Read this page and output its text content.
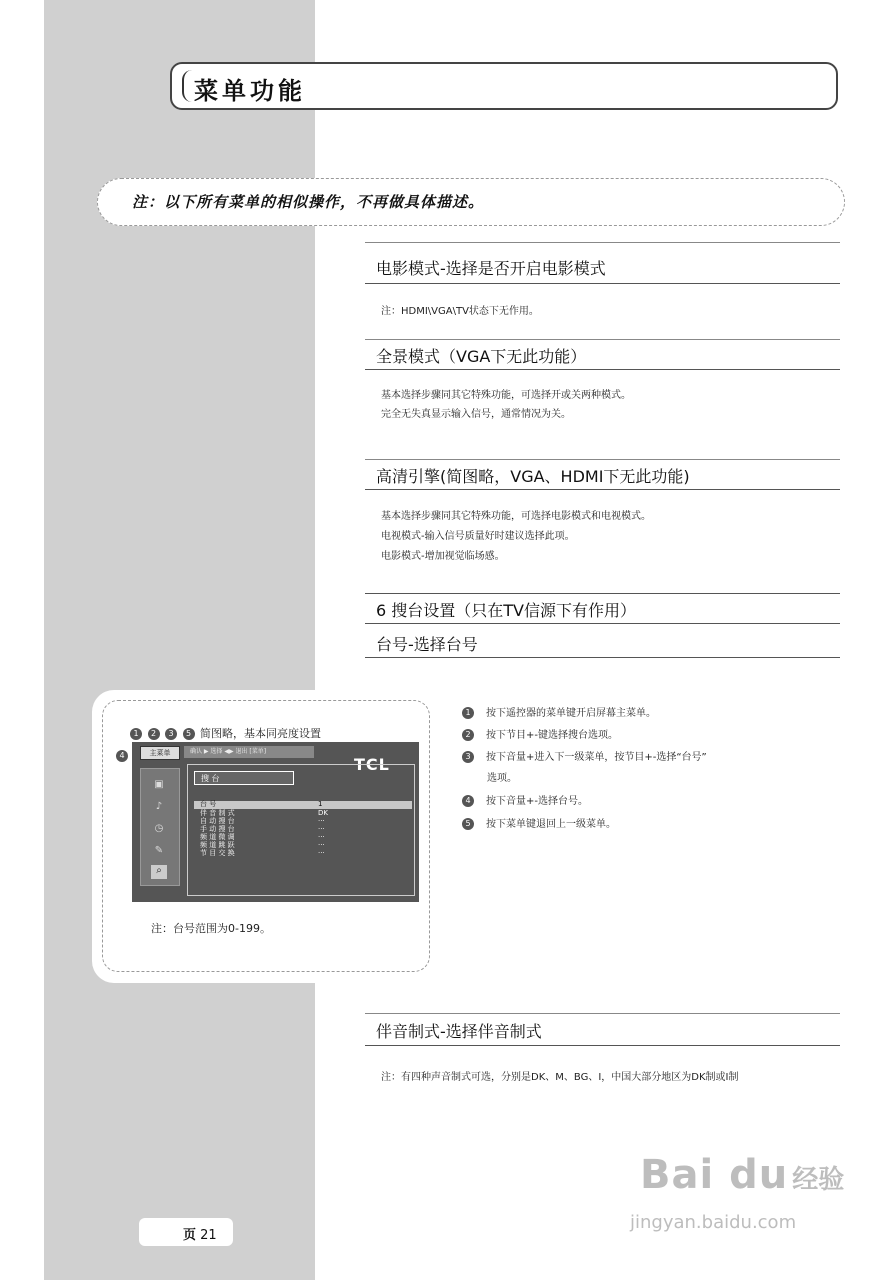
菜单功能
注：以下所有菜单的相似操作，不再做具体描述。
电影模式-选择是否开启电影模式
注：HDMI\VGA\TV状态下无作用。
全景模式（VGA下无此功能）
基本选择步骤同其它特殊功能，可选择开或关两种模式。
完全无失真显示输入信号，通常情况为关。
高清引擎(简图略，VGA、HDMI下无此功能)
基本选择步骤同其它特殊功能，可选择电影模式和电视模式。
电视模式-输入信号质量好时建议选择此项。
电影模式-增加视觉临场感。
6 搜台设置（只在TV信源下有作用）
台号-选择台号
1 2 3 5 简图略，基本同亮度设置
4	主菜单
▣
♪
◷
✎
⌕
确认 ▶ 选择 ◀▶ 退出 [菜单]
TCL
搜 台
台 号	1
伴 音 制 式	DK
自 动 搜 台	···
手 动 搜 台	···
频 道 微 调	···
频 道 跳 跃	···
节 目 交 换	···
注：台号范围为0-199。
1 按下遥控器的菜单键开启屏幕主菜单。
2 按下节目+-键选择搜台选项。
3 按下音量+进入下一级菜单，按节目+-选择“台号”
选项。
4 按下音量+-选择台号。
5 按下菜单键退回上一级菜单。
伴音制式-选择伴音制式
注：有四种声音制式可选，分别是DK、M、BG、I，中国大部分地区为DK制或I制
页 21
Bai du 经验
jingyan.baidu.com
